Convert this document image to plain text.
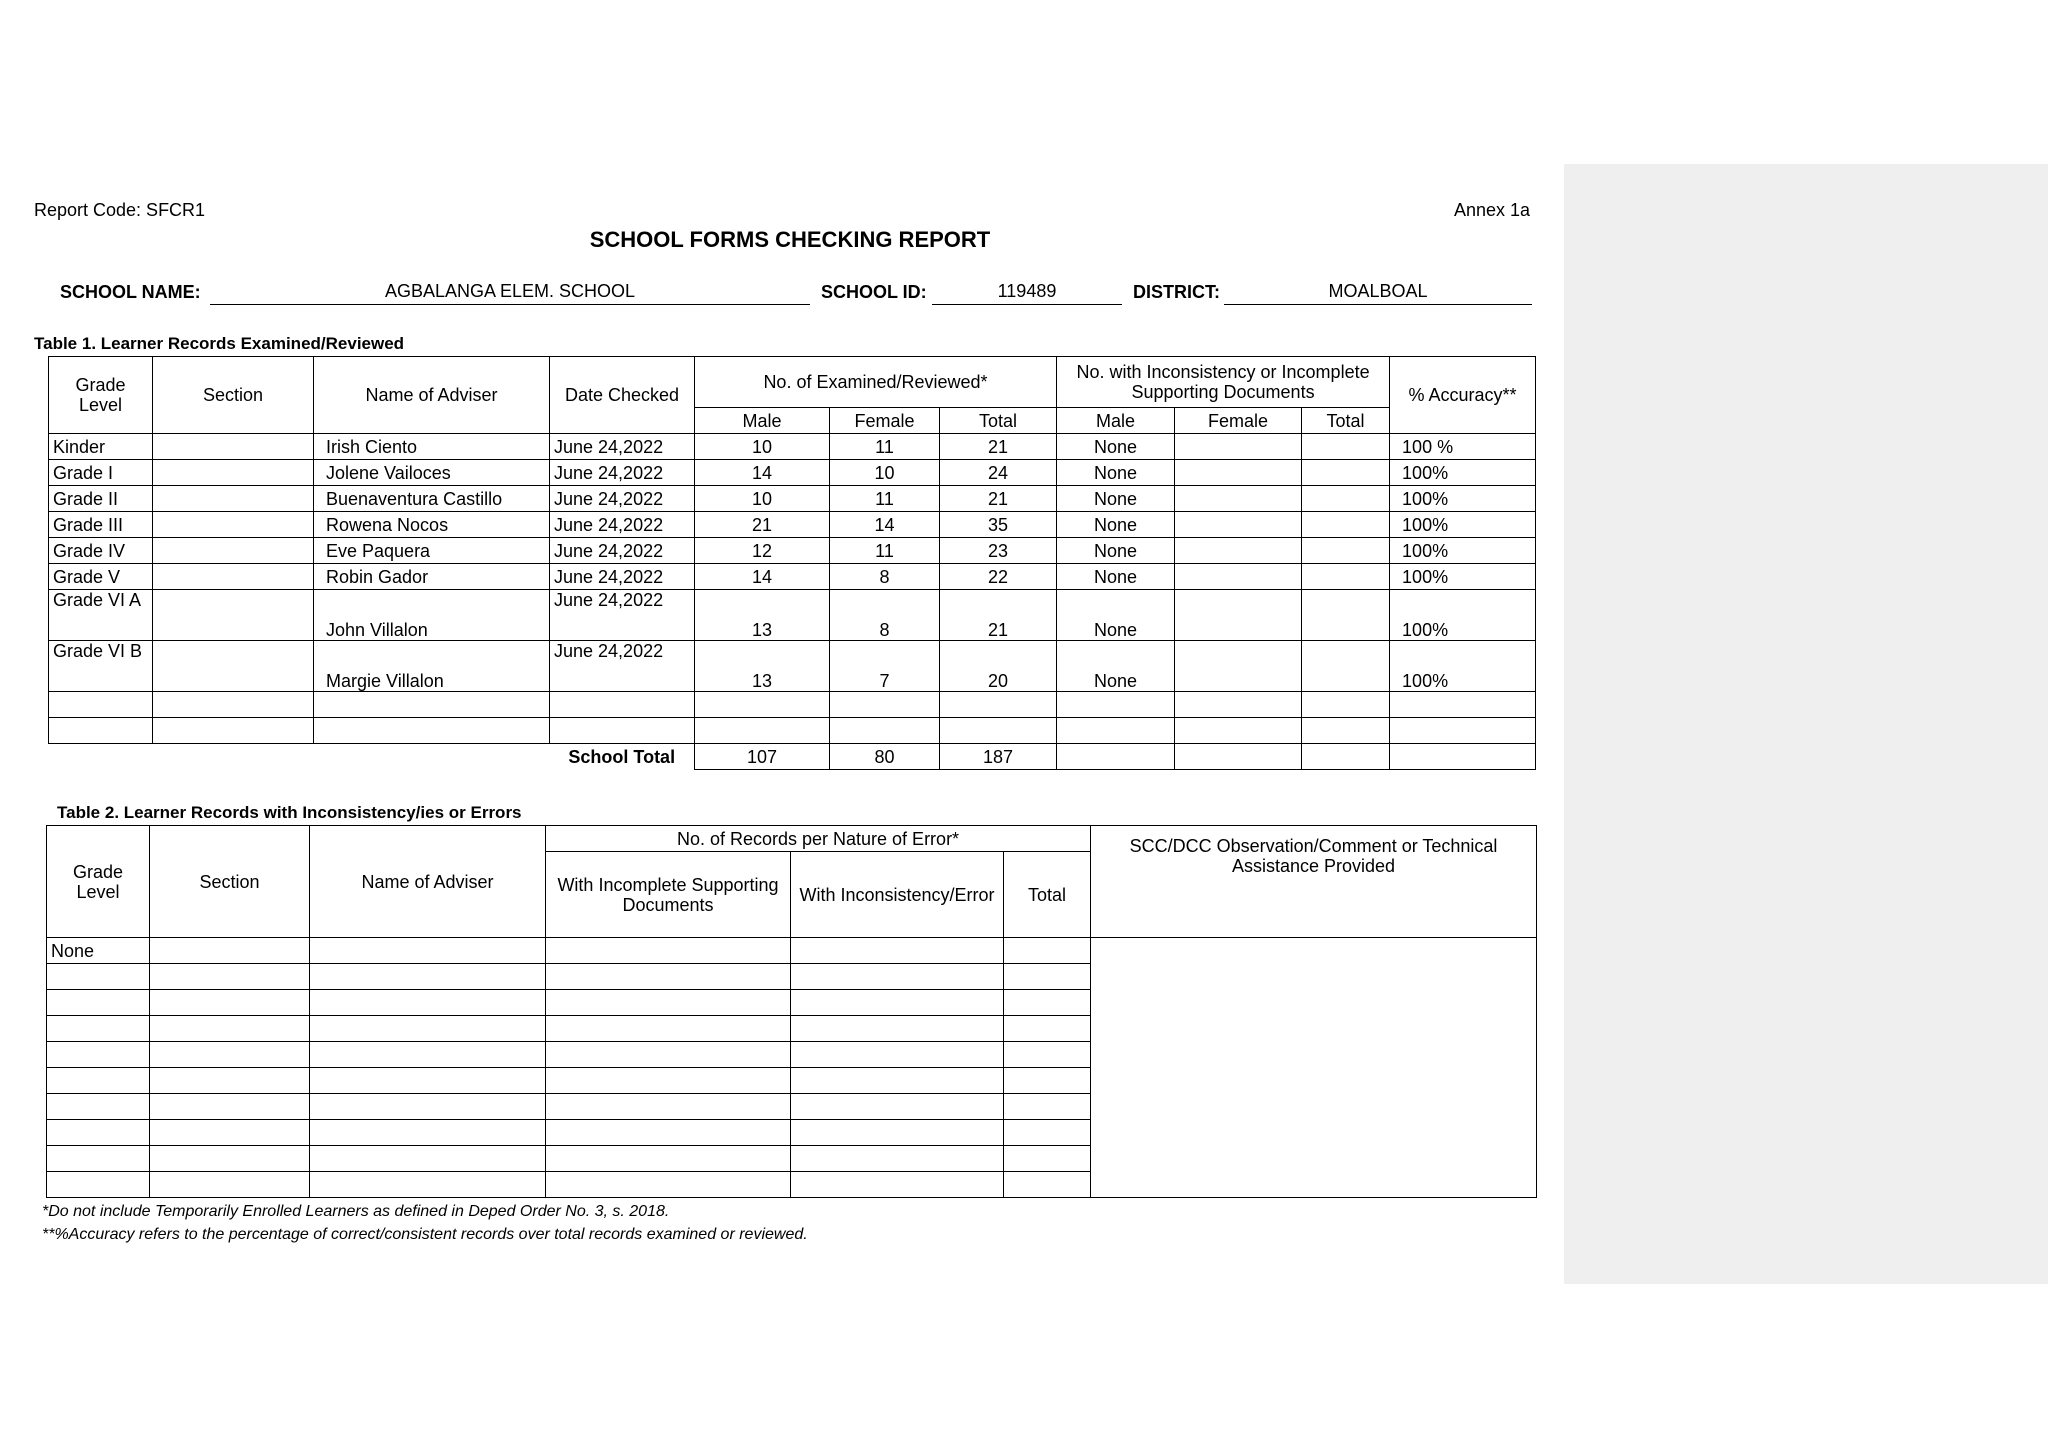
Report Code: SFCR1	Annex 1a
SCHOOL FORMS CHECKING REPORT
SCHOOL NAME:	AGBALANGA ELEM. SCHOOL	SCHOOL ID:	119489	DISTRICT:	MOALBOAL
Table 1. Learner Records Examined/Reviewed
Grade Level	Section	Name of Adviser	Date Checked	No. of Examined/Reviewed*			No. with Inconsistency or Incomplete Supporting Documents			% Accuracy**
				Male	Female	Total	Male	Female	Total	
Kinder		Irish Ciento	June 24,2022	10	11	21	None			100 %
Grade I		Jolene Vailoces	June 24,2022	14	10	24	None			100%
Grade II		Buenaventura Castillo	June 24,2022	10	11	21	None			100%
Grade III		Rowena Nocos	June 24,2022	21	14	35	None			100%
Grade IV		Eve Paquera	June 24,2022	12	11	23	None			100%
Grade V		Robin Gador	June 24,2022	14	8	22	None			100%
Grade VI A		John Villalon	June 24,2022	13	8	21	None			100%
Grade VI B		Margie Villalon	June 24,2022	13	7	20	None			100%

			School Total	107	80	187				
Table 2. Learner Records with Inconsistency/ies or Errors
Grade Level	Section	Name of Adviser	No. of Records per Nature of Error*			SCC/DCC Observation/Comment or Technical Assistance Provided
			With Incomplete Supporting Documents	With Inconsistency/Error	Total	
None						

*Do not include Temporarily Enrolled Learners as defined in Deped Order No. 3, s. 2018.
**%Accuracy refers to the percentage of correct/consistent records over total records examined or reviewed.
